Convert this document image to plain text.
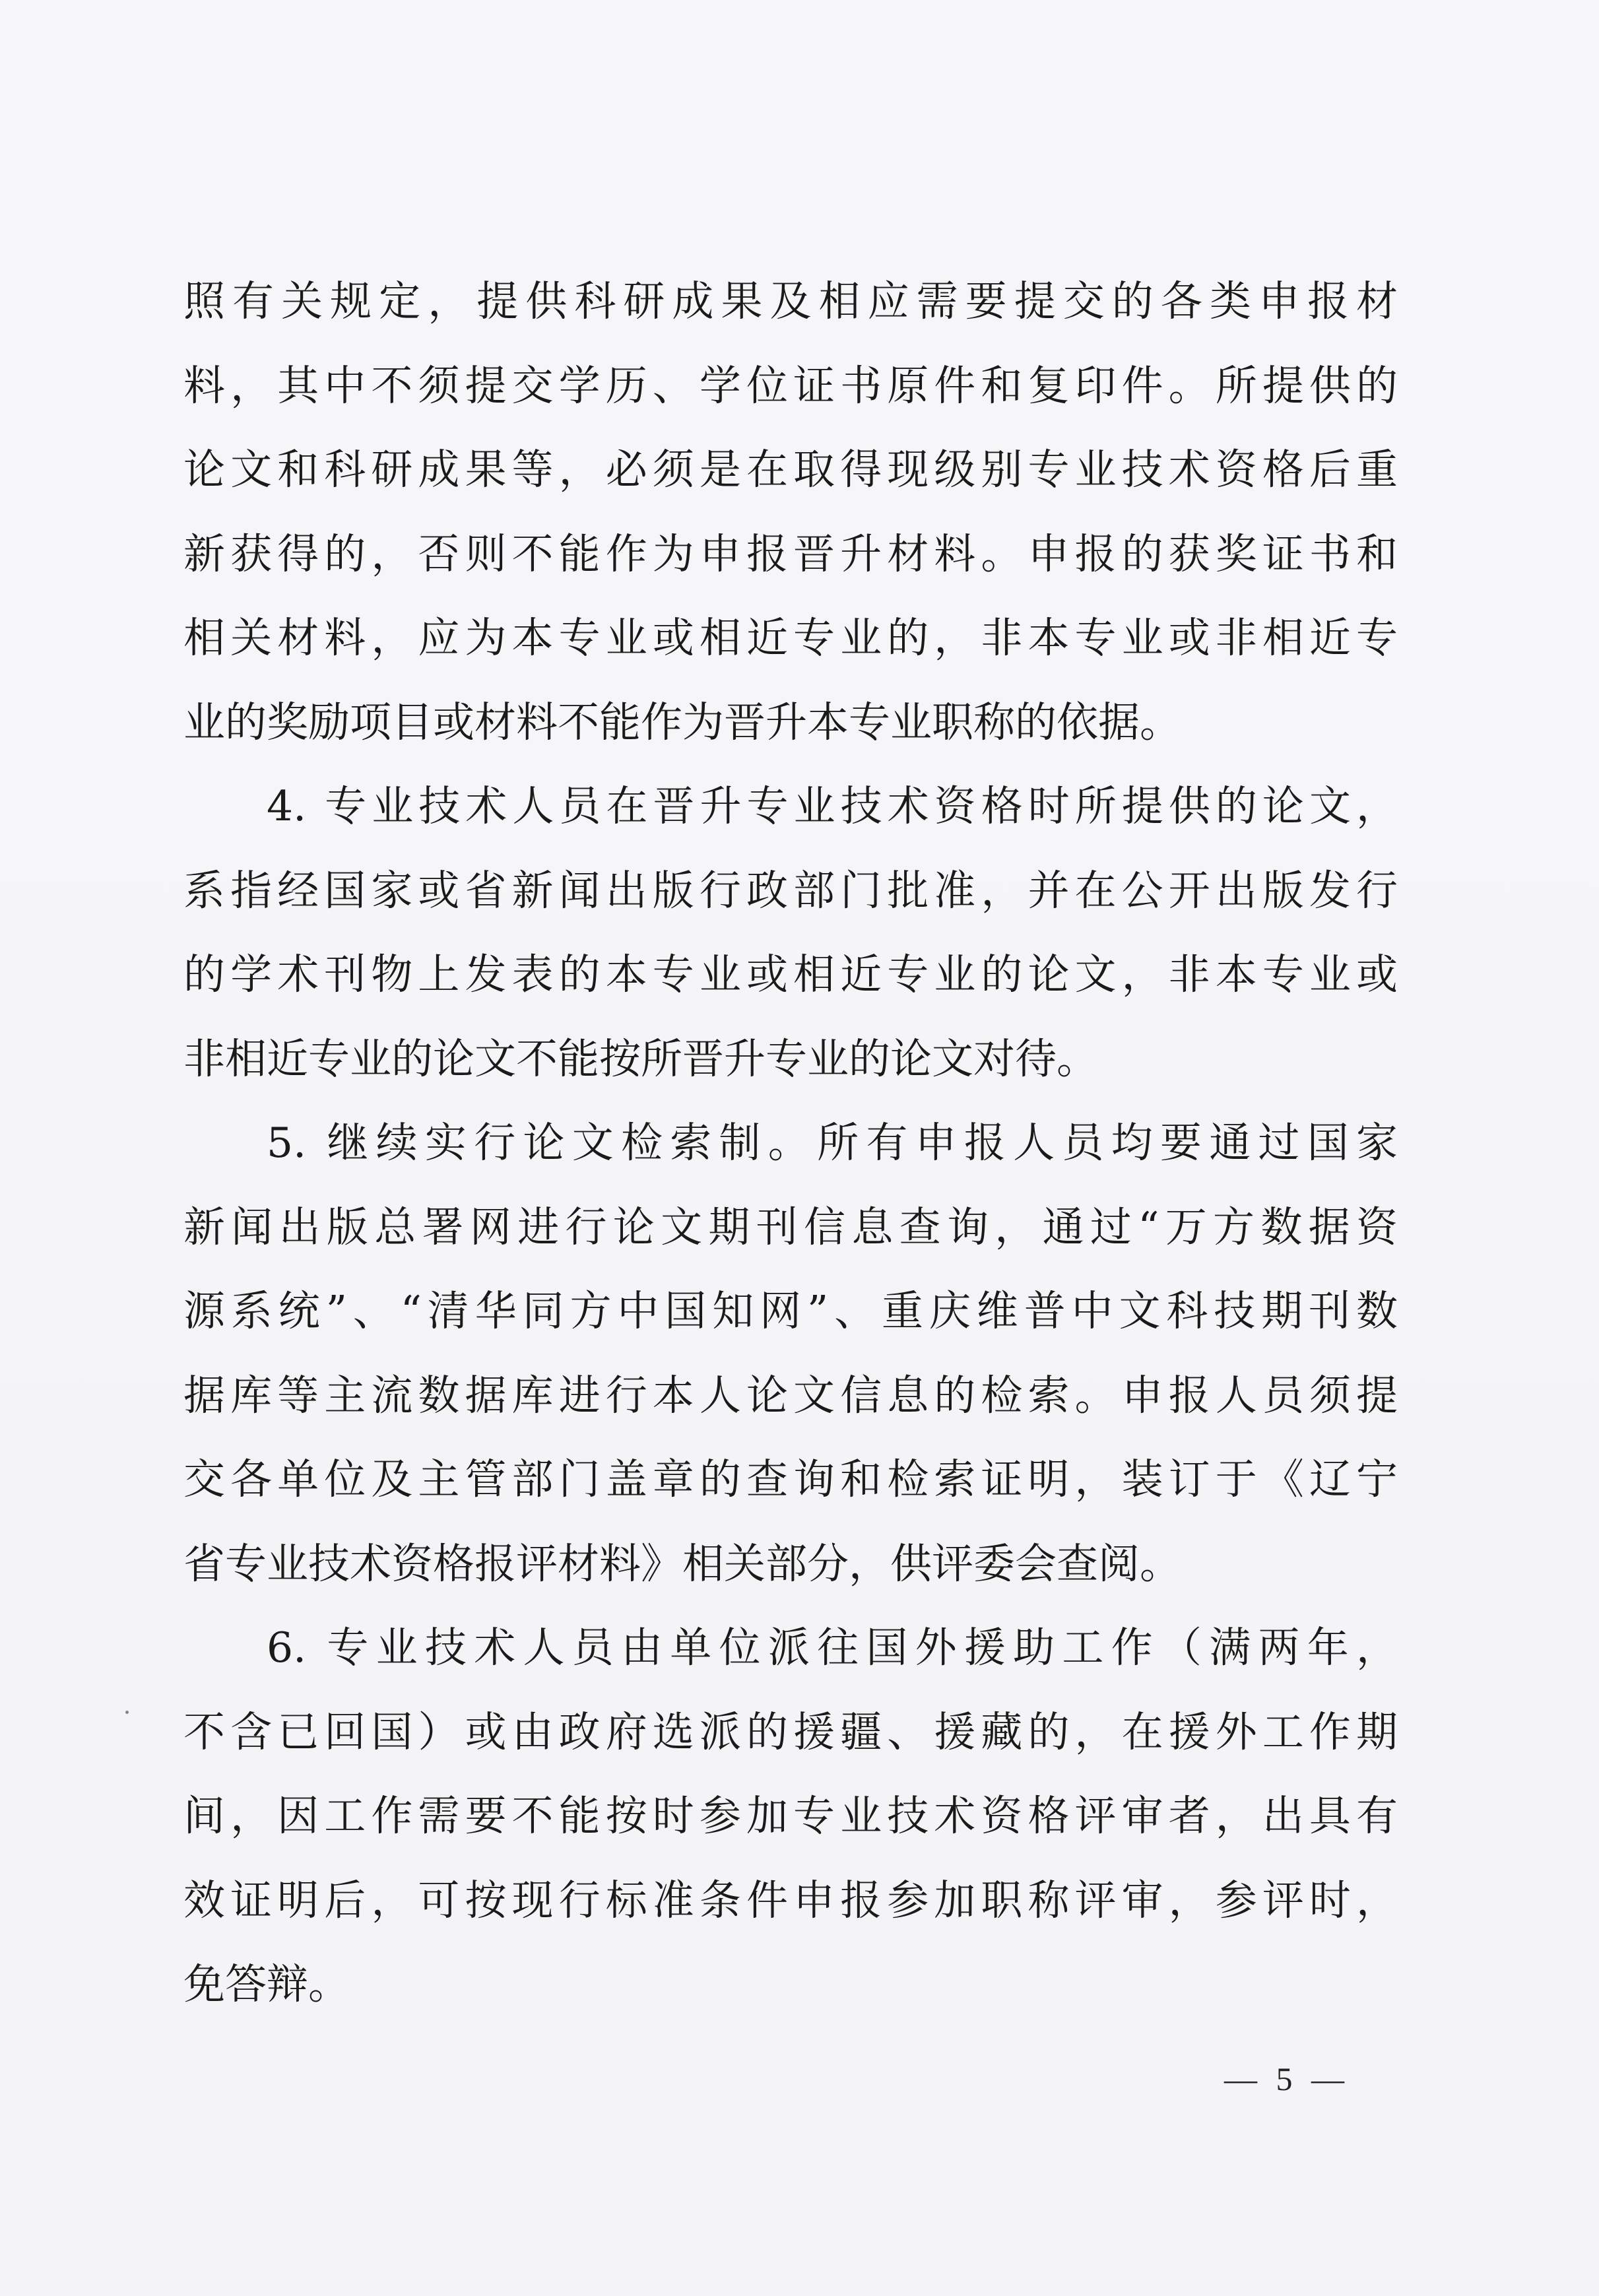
照有关规定，提供科研成果及相应需要提交的各类申报材
料，其中不须提交学历、学位证书原件和复印件。所提供的
论文和科研成果等，必须是在取得现级别专业技术资格后重
新获得的，否则不能作为申报晋升材料。申报的获奖证书和
相关材料，应为本专业或相近专业的，非本专业或非相近专
业的奖励项目或材料不能作为晋升本专业职称的依据。
4. 专业技术人员在晋升专业技术资格时所提供的论文，
系指经国家或省新闻出版行政部门批准，并在公开出版发行
的学术刊物上发表的本专业或相近专业的论文，非本专业或
非相近专业的论文不能按所晋升专业的论文对待。
5. 继续实行论文检索制。所有申报人员均要通过国家
新闻出版总署网进行论文期刊信息查询，通过“万方数据资
源系统”、“清华同方中国知网”、重庆维普中文科技期刊数
据库等主流数据库进行本人论文信息的检索。申报人员须提
交各单位及主管部门盖章的查询和检索证明，装订于《辽宁
省专业技术资格报评材料》相关部分，供评委会查阅。
6. 专业技术人员由单位派往国外援助工作（满两年，
不含已回国）或由政府选派的援疆、援藏的，在援外工作期
间，因工作需要不能按时参加专业技术资格评审者，出具有
效证明后，可按现行标准条件申报参加职称评审，参评时，
免答辩。
— 5 —
